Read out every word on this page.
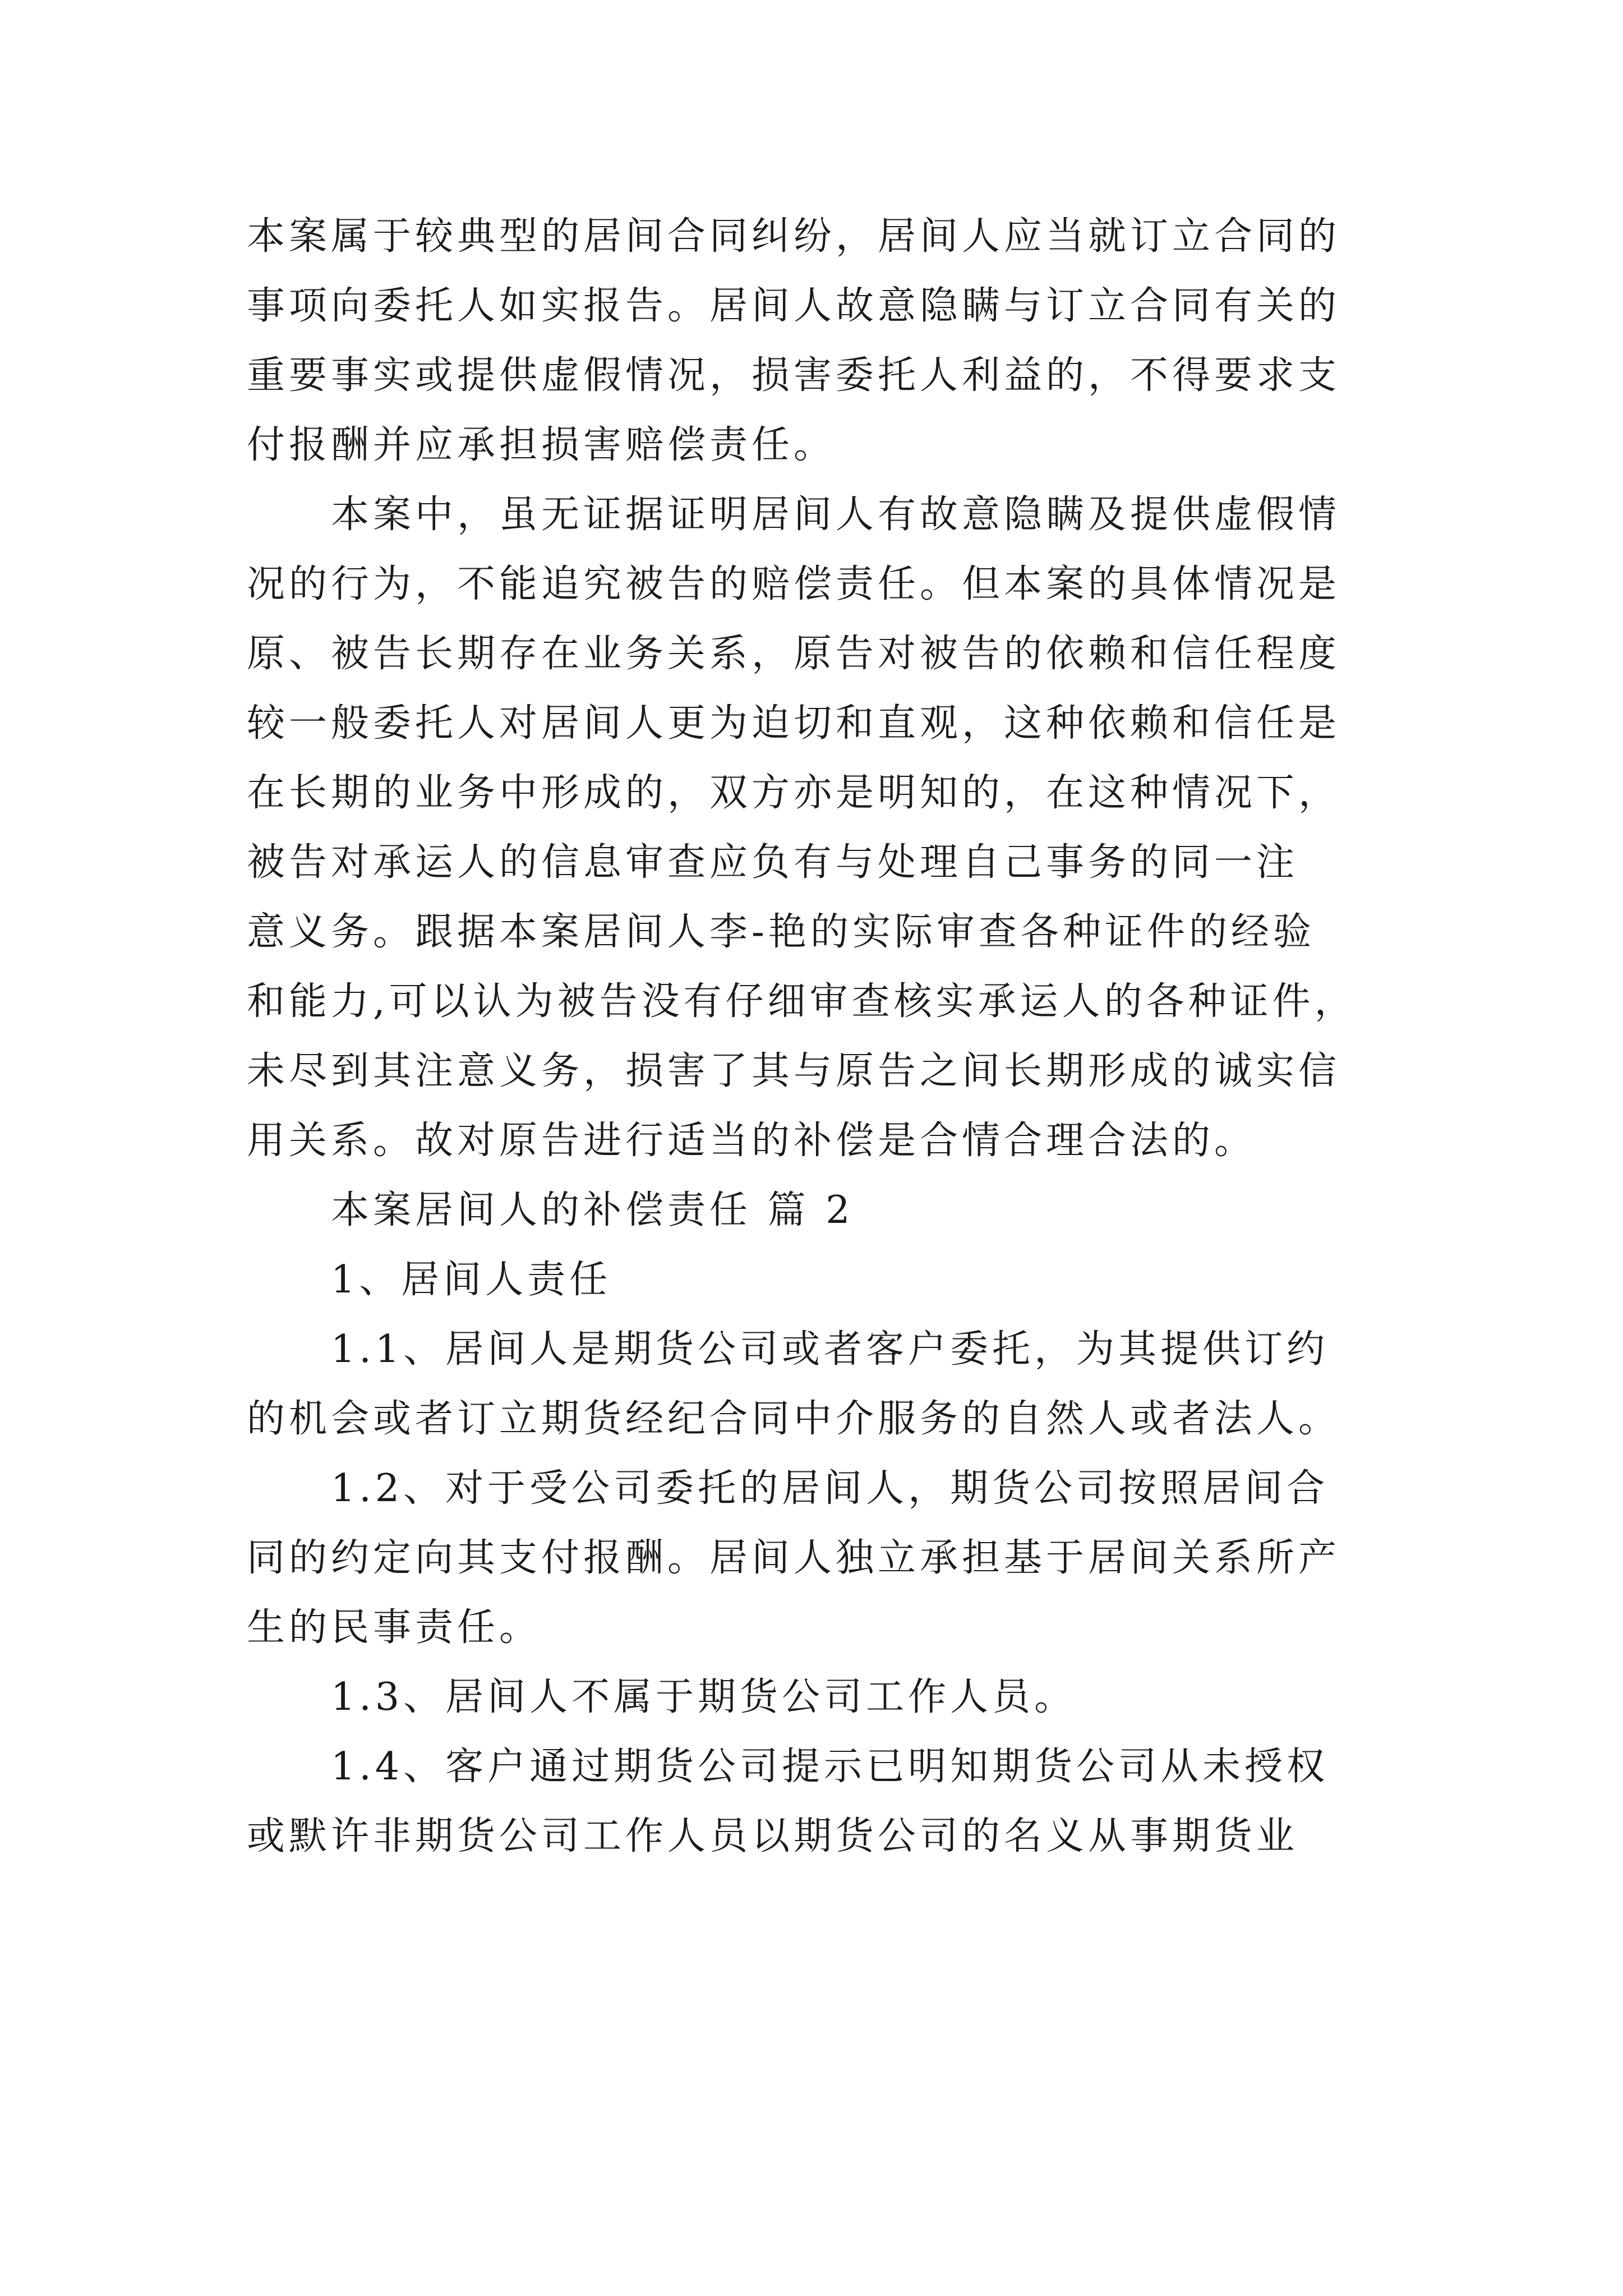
本案属于较典型的居间合同纠纷，居间人应当就订立合同的
事项向委托人如实报告。居间人故意隐瞒与订立合同有关的
重要事实或提供虚假情况，损害委托人利益的，不得要求支
付报酬并应承担损害赔偿责任。
本案中，虽无证据证明居间人有故意隐瞒及提供虚假情
况的行为，不能追究被告的赔偿责任。但本案的具体情况是
原、被告长期存在业务关系，原告对被告的依赖和信任程度
较一般委托人对居间人更为迫切和直观，这种依赖和信任是
在长期的业务中形成的，双方亦是明知的，在这种情况下，
被告对承运人的信息审查应负有与处理自己事务的同一注
意义务。跟据本案居间人李-艳的实际审查各种证件的经验
和能力,可以认为被告没有仔细审查核实承运人的各种证件，
未尽到其注意义务，损害了其与原告之间长期形成的诚实信
用关系。故对原告进行适当的补偿是合情合理合法的。
本案居间人的补偿责任 篇 2
1、居间人责任
1.1、居间人是期货公司或者客户委托，为其提供订约
的机会或者订立期货经纪合同中介服务的自然人或者法人。
1.2、对于受公司委托的居间人，期货公司按照居间合
同的约定向其支付报酬。居间人独立承担基于居间关系所产
生的民事责任。
1.3、居间人不属于期货公司工作人员。
1.4、客户通过期货公司提示已明知期货公司从未授权
或默许非期货公司工作人员以期货公司的名义从事期货业
